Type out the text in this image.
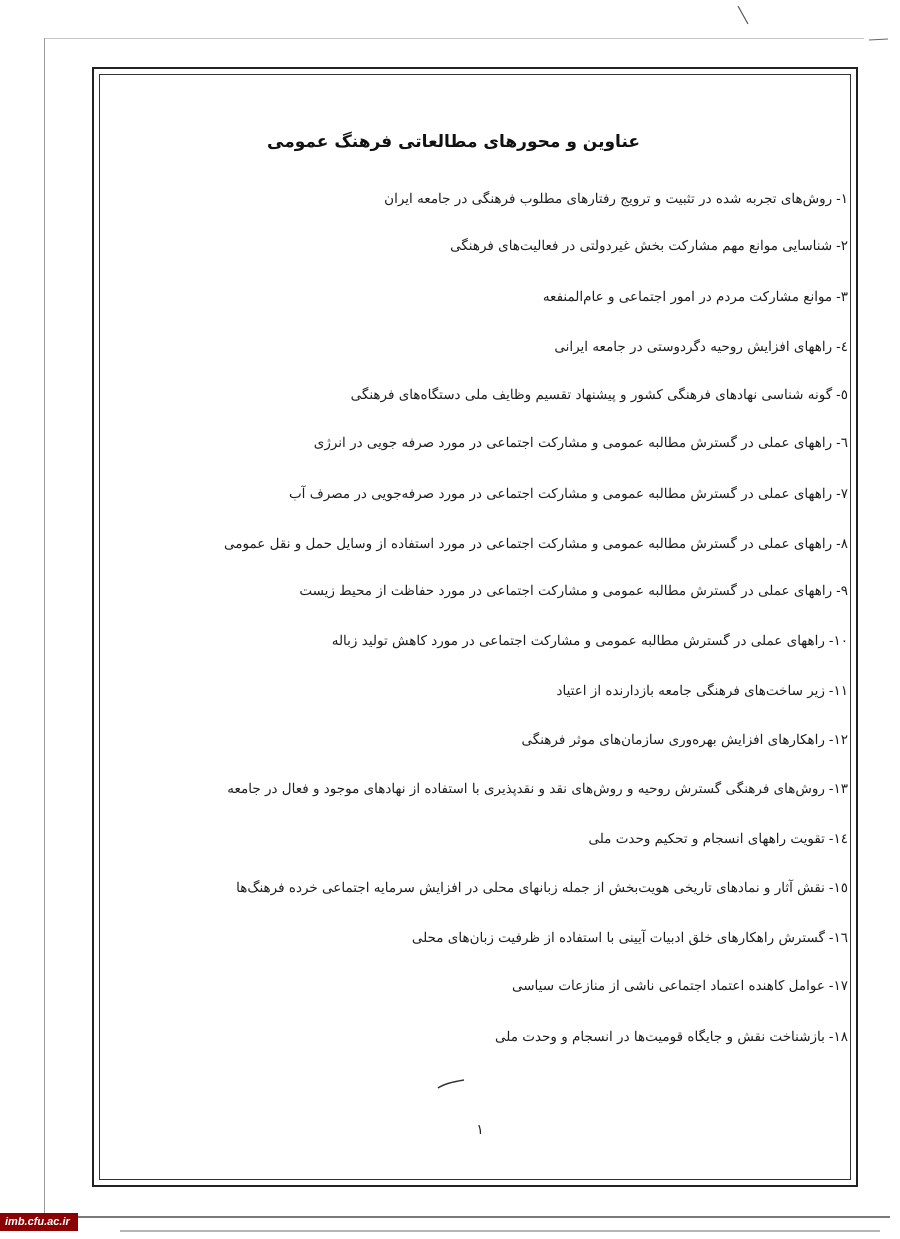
عناوین و محورهای مطالعاتی فرهنگ عمومی
۱-روش‌های تجربه شده در تثبیت و ترویج رفتارهای مطلوب فرهنگی در جامعه ایران
۲-شناسایی موانع مهم مشارکت بخش غیردولتی در فعالیت‌های فرهنگی
۳-موانع مشارکت مردم در امور اجتماعی و عام‌المنفعه
٤-راههای افزایش روحیه دگردوستی در جامعه ایرانی
٥-گونه شناسی نهادهای فرهنگی کشور و پیشنهاد تقسیم وظایف ملی دستگاه‌های فرهنگی
٦-راههای عملی در گسترش مطالبه عمومی و مشارکت اجتماعی در مورد صرفه جویی در انرژی
۷-راههای عملی در گسترش مطالبه عمومی و مشارکت اجتماعی در مورد صرفه‌جویی در مصرف آب
۸-راههای عملی در گسترش مطالبه عمومی و مشارکت اجتماعی در مورد استفاده از وسایل حمل و نقل عمومی
۹-راههای عملی در گسترش مطالبه عمومی و مشارکت اجتماعی در مورد حفاظت از محیط زیست
۱۰-راههای عملی در گسترش مطالبه عمومی و مشارکت اجتماعی در مورد کاهش تولید زباله
۱۱-زیر ساخت‌های فرهنگی جامعه بازدارنده از اعتیاد
۱۲-راهکارهای افزایش بهره‌وری سازمان‌های موثر فرهنگی
۱۳-روش‌های فرهنگی گسترش روحیه و روش‌های نقد و نقدپذیری با استفاده از نهادهای موجود و فعال در جامعه
١٤-تقویت راههای انسجام و تحکیم وحدت ملی
۱٥-نقش آثار و نمادهای تاریخی هویت‌بخش از جمله زبانهای محلی در افزایش سرمایه اجتماعی خرده فرهنگ‌ها
۱٦-گسترش راهکارهای خلق ادبیات آیینی با استفاده از ظرفیت زبان‌های محلی
۱۷-عوامل کاهنده اعتماد اجتماعی ناشی از منازعات سیاسی
۱۸-بازشناخت نقش و جایگاه قومیت‌ها در انسجام و وحدت ملی
۱
imb.cfu.ac.ir
